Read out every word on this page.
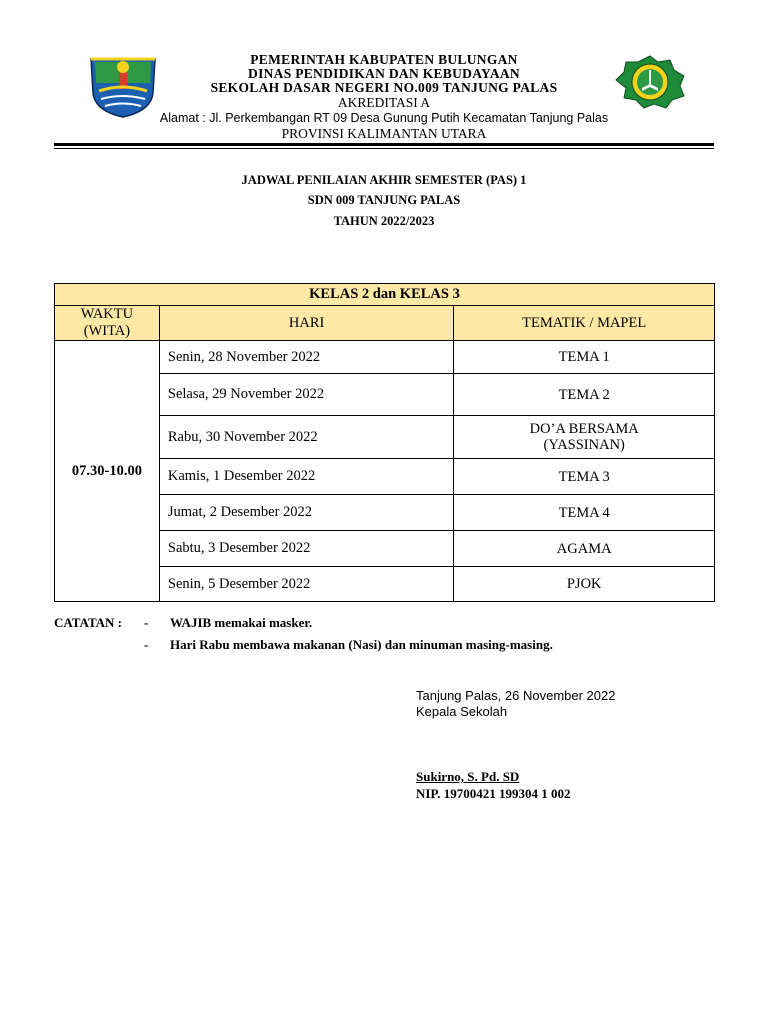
PEMERINTAH KABUPATEN BULUNGAN
DINAS PENDIDIKAN DAN KEBUDAYAAN
SEKOLAH DASAR NEGERI NO.009 TANJUNG PALAS
AKREDITASI A
Alamat : Jl. Perkembangan RT 09 Desa Gunung Putih Kecamatan Tanjung Palas
PROVINSI KALIMANTAN UTARA
JADWAL PENILAIAN AKHIR SEMESTER (PAS) 1
SDN 009 TANJUNG PALAS
TAHUN 2022/2023
KELAS 2 dan KELAS 3		

WAKTU
(WITA)	HARI	TEMATIK / MAPEL
07.30-10.00	Senin, 28 November 2022	TEMA 1
	Selasa, 29 November 2022	TEMA 2
	Rabu, 30 November 2022	DO’A BERSAMA
(YASSINAN)

	Kamis, 1 Desember 2022	TEMA 3
	Jumat, 2 Desember 2022	TEMA 4
	Sabtu, 3 Desember 2022	AGAMA
	Senin, 5 Desember 2022	PJOK
CATATAN : - WAJIB memakai masker.
- Hari Rabu membawa makanan (Nasi) dan minuman masing-masing.
Tanjung Palas, 26 November 2022
Kepala Sekolah
Sukirno, S. Pd. SD
NIP. 19700421 199304 1 002
